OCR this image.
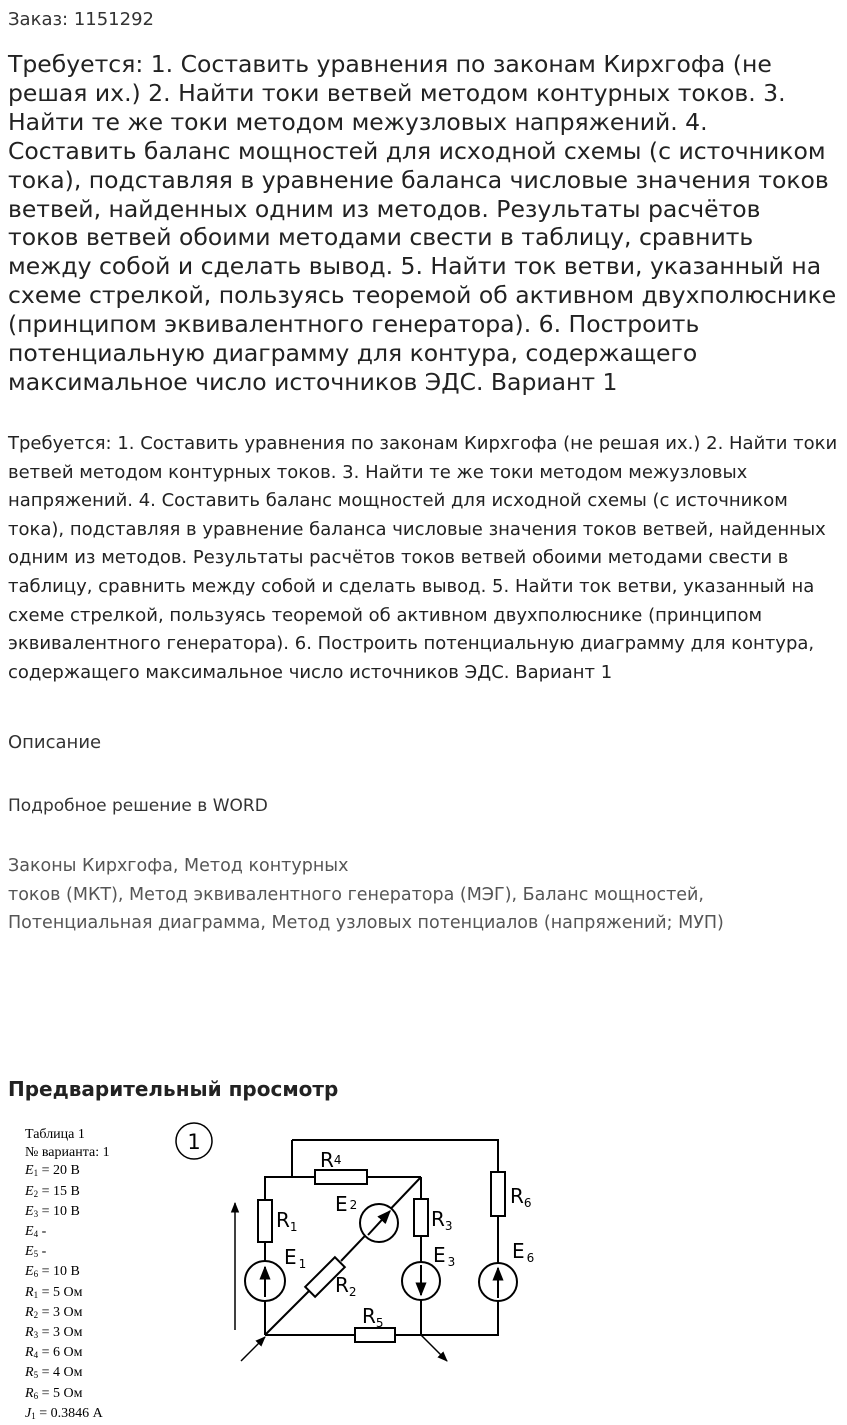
Заказ: 1151292

Требуется: 1. Составить уравнения по законам Кирхгофа (не решая их.) 2. Найти токи ветвей методом контурных токов. 3. Найти те же токи методом межузловых напряжений. 4. Составить баланс мощностей для исходной схемы (с источником тока), подставляя в уравнение баланса числовые значения токов ветвей, найденных одним из методов. Результаты расчётов токов ветвей обоими методами свести в таблицу, сравнить между собой и сделать вывод. 5. Найти ток ветви, указанный на схеме стрелкой, пользуясь теоремой об активном двухполюснике (принципом эквивалентного генератора). 6. Построить потенциальную диаграмму для контура, содержащего максимальное число источников ЭДС. Вариант 1

Требуется: 1. Составить уравнения по законам Кирхгофа (не решая их.) 2. Найти токи ветвей методом контурных токов. 3. Найти те же токи методом межузловых напряжений. 4. Составить баланс мощностей для исходной схемы (с источником тока), подставляя в уравнение баланса числовые значения токов ветвей, найденных одним из методов. Результаты расчётов токов ветвей обоими методами свести в таблицу, сравнить между собой и сделать вывод. 5. Найти ток ветви, указанный на схеме стрелкой, пользуясь теоремой об активном двухполюснике (принципом эквивалентного генератора). 6. Построить потенциальную диаграмму для контура, содержащего максимальное число источников ЭДС. Вариант 1

Описание
Подробное решение в WORD
Законы Кирхгофа, Метод контурных
токов (МКТ), Метод эквивалентного генератора (МЭГ), Баланс мощностей,
Потенциальная диаграмма, Метод узловых потенциалов (напряжений; МУП)
Предварительный просмотр
Таблица 1
№ варианта: 1
$E_1 = 20$ В
$E_2 = 15$ В
$E_3 = 10$ В
$E_4$ -
$E_5$ -
$E_6 = 10$ В
$R_1 = 5$ Ом
$R_2 = 3$ Ом
$R_3 = 3$ Ом
$R_4 = 6$ Ом
$R_5 = 4$ Ом
$R_6 = 5$ Ом
$J_1 = 0.3846$ А
1
R4
$R_1$
E 2
$R_3$
$R_6$
E $_1$
$R_2$
E $_3$	E $_6$
$R_5$
